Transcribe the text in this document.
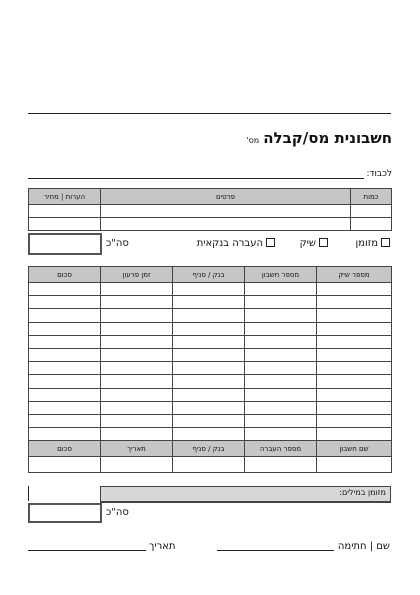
חשבונית מס/קבלהמס'
לכבוד:
הערות | מחיר	פרטים	כמות

סה"כ	מזומן
שיק
העברה בנקאית
סכום	זמן פרעון	בנק / סניף	מספר חשבון	מספר שיק

סכום	תאריך	בנק / סניף	מספר העברה	שם חשבון

מזומן במילים:
סה"כ
תאריך	שם | חתימה
